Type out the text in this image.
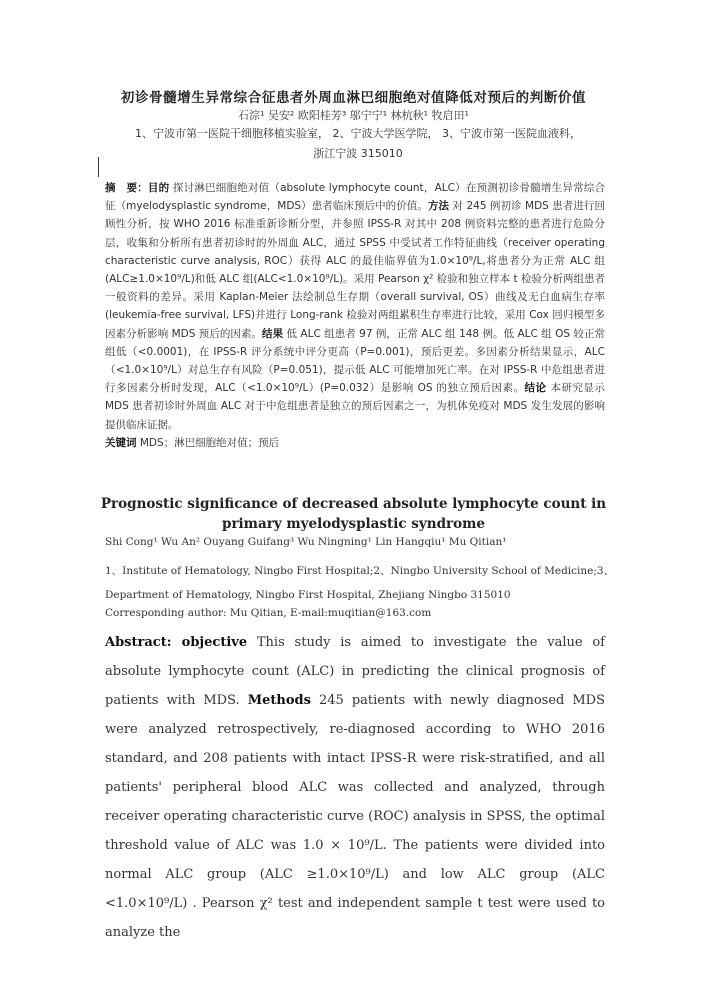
初诊骨髓增生异常综合征患者外周血淋巴细胞绝对值降低对预后的判断价值
石淙¹ 吴安² 欧阳桂芳³ 邬宁宁¹ 林杭秋¹ 牧启田¹
1、宁波市第一医院干细胞移植实验室， 2、宁波大学医学院， 3、宁波市第一医院血液科，
浙江宁波 315010
摘　要：目的 探讨淋巴细胞绝对值（absolute lymphocyte count，ALC）在预测初诊骨髓增生异常综合征（myelodysplastic syndrome，MDS）患者临床预后中的价值。方法 对 245 例初诊 MDS 患者进行回顾性分析，按 WHO 2016 标准重新诊断分型，并参照 IPSS-R 对其中 208 例资料完整的患者进行危险分层，收集和分析所有患者初诊时的外周血 ALC，通过 SPSS 中受试者工作特征曲线（receiver operating characteristic curve analysis, ROC）获得 ALC 的最佳临界值为1.0×10⁹/L,将患者分为正常 ALC 组(ALC≥1.0×10⁹/L)和低 ALC 组(ALC<1.0×10⁹/L)。采用 Pearson χ² 检验和独立样本 t 检验分析两组患者一般资料的差异。采用 Kaplan-Meier 法绘制总生存期（overall survival, OS）曲线及无白血病生存率(leukemia-free survival, LFS)并进行 Long-rank 检验对两组累积生存率进行比较，采用 Cox 回归模型多因素分析影响 MDS 预后的因素。结果 低 ALC 组患者 97 例，正常 ALC 组 148 例。低 ALC 组 OS 较正常组低（<0.0001)，在 IPSS-R 评分系统中评分更高（P=0.001)，预后更差。多因素分析结果显示，ALC（<1.0×10⁹/L）对总生存有风险（P=0.051)，提示低 ALC 可能增加死亡率。在对 IPSS-R 中危组患者进行多因素分析时发现，ALC（<1.0×10⁹/L）(P=0.032）是影响 OS 的独立预后因素。结论 本研究显示 MDS 患者初诊时外周血 ALC 对于中危组患者是独立的预后因素之一，为机体免疫对 MDS 发生发展的影响提供临床证据。
关键词 MDS；淋巴细胞绝对值；预后
Prognostic significance of decreased absolute lymphocyte count in primary myelodysplastic syndrome
Shi Cong¹ Wu An² Ouyang Guifang³ Wu Ningning¹ Lin Hangqiu¹ Mu Qitian¹
1、Institute of Hematology, Ningbo First Hospital;2、Ningbo University School of Medicine;3、
Department of Hematology, Ningbo First Hospital, Zhejiang Ningbo 315010
Corresponding author: Mu Qitian, E-mail:muqitian@163.com
Abstract: objective This study is aimed to investigate the value of absolute lymphocyte count (ALC) in predicting the clinical prognosis of patients with MDS. Methods 245 patients with newly diagnosed MDS were analyzed retrospectively, re-diagnosed according to WHO 2016 standard, and 208 patients with intact IPSS-R were risk-stratified, and all patients' peripheral blood ALC was collected and analyzed, through receiver operating characteristic curve (ROC) analysis in SPSS, the optimal threshold value of ALC was 1.0 × 10⁹/L. The patients were divided into normal ALC group (ALC ≥1.0×10⁹/L) and low ALC group (ALC <1.0×10⁹/L) . Pearson χ² test and independent sample t test were used to analyze the
